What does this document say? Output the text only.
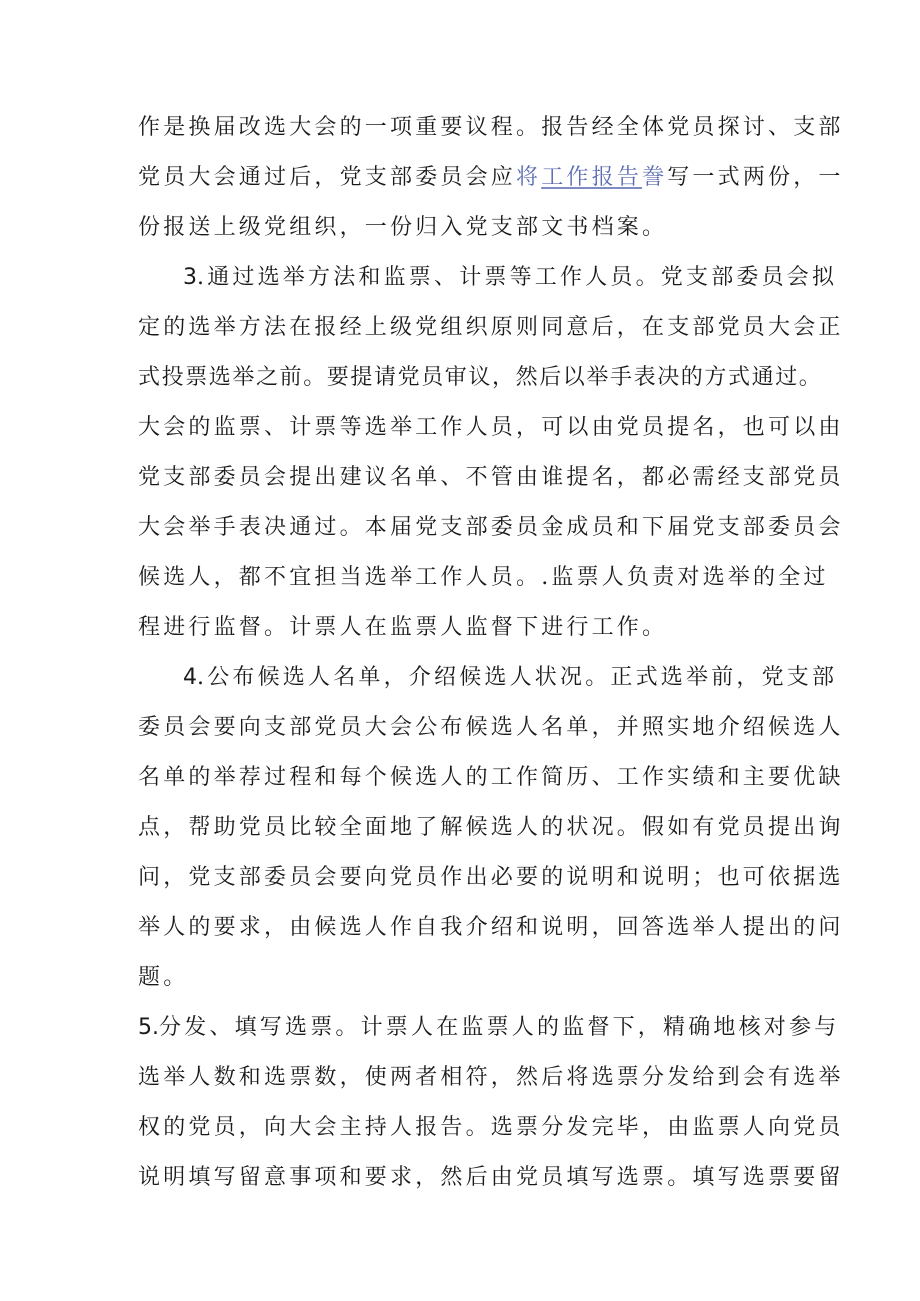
作是换届改选大会的一项重要议程。报告经全体党员探讨、支部
党员大会通过后，党支部委员会应将工作报告誊写一式两份，一
份报送上级党组织，一份归入党支部文书档案。
3.通过选举方法和监票、计票等工作人员。党支部委员会拟
定的选举方法在报经上级党组织原则同意后，在支部党员大会正
式投票选举之前。要提请党员审议，然后以举手表决的方式通过。
大会的监票、计票等选举工作人员，可以由党员提名，也可以由
党支部委员会提出建议名单、不管由谁提名，都必需经支部党员
大会举手表决通过。本届党支部委员金成员和下届党支部委员会
候选人，都不宜担当选举工作人员。.监票人负责对选举的全过
程进行监督。计票人在监票人监督下进行工作。
4.公布候选人名单，介绍候选人状况。正式选举前，党支部
委员会要向支部党员大会公布候选人名单，并照实地介绍候选人
名单的举荐过程和每个候选人的工作简历、工作实绩和主要优缺
点，帮助党员比较全面地了解候选人的状况。假如有党员提出询
问，党支部委员会要向党员作出必要的说明和说明；也可依据选
举人的要求，由候选人作自我介绍和说明，回答选举人提出的问
题。
5.分发、填写选票。计票人在监票人的监督下，精确地核对参与
选举人数和选票数，使两者相符，然后将选票分发给到会有选举
权的党员，向大会主持人报告。选票分发完毕，由监票人向党员
说明填写留意事项和要求，然后由党员填写选票。填写选票要留
